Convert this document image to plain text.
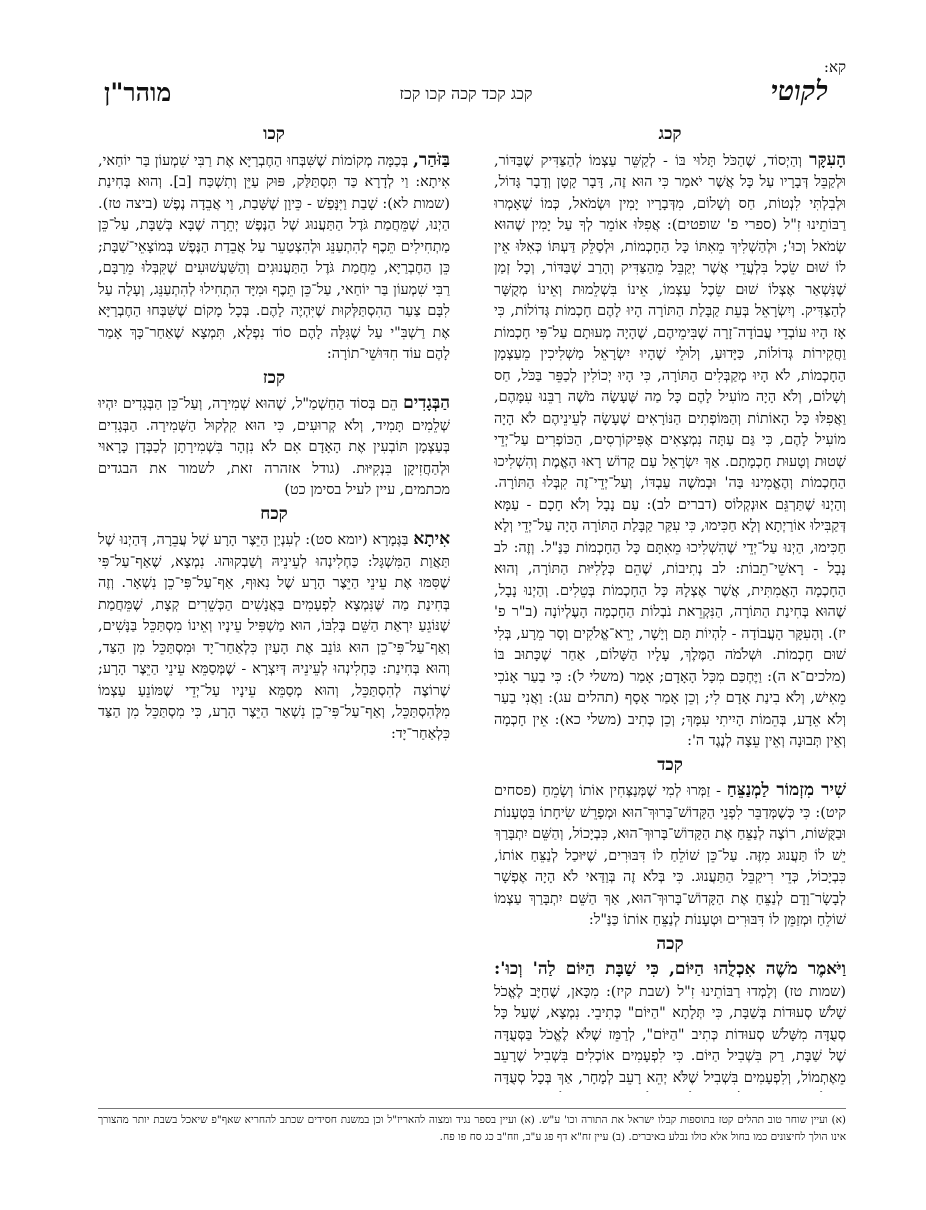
קא:
לקוטי
קכג קכד קכה קכו קכז
מוהר"ן
קכג

הָעִקָּר וְהַיְסוֹד, שֶׁהַכֹּל תָּלוּי בּוֹ - לְקַשֵּׁר עַצְמוֹ לְהַצַּדִּיק שֶׁבַּדּוֹר, וּלְקַבֵּל דְּבָרָיו עַל כָּל אֲשֶׁר יֹאמַר כִּי הוּא זֶה, דָּבָר קָטָן וְדָבָר גָּדוֹל, וּלְבִלְתִּי לִנְטוֹת, חַס וְשָׁלוֹם, מִדְּבָרָיו יָמִין וּשְׂמֹאל, כְּמוֹ שֶׁאָמְרוּ רַבּוֹתֵינוּ זִ"ל (ספרי פ' שופטים): אֲפִלּוּ אוֹמֵר לְךָ עַל יָמִין שֶׁהוּא שְׂמֹאל וְכוּ'; וּלְהַשְׁלִיךְ מֵאִתּוֹ כָּל הַחָכְמוֹת, וּלְסַלֵּק דַּעְתּוֹ כְּאִלּוּ אֵין לוֹ שׁוּם שֵׂכֶל בִּלְעֲדֵי אֲשֶׁר יְקַבֵּל מֵהַצַּדִּיק וְהָרַב שֶׁבַּדּוֹר, וְכָל זְמַן שֶׁנִּשְׁאַר אֶצְלוֹ שׁוּם שֵׂכֶל עַצְמוֹ, אֵינוֹ בִּשְׁלֵמוּת וְאֵינוֹ מְקֻשָּׁר לְהַצַּדִּיק. וְיִשְׂרָאֵל בְּעֵת קַבָּלַת הַתּוֹרָה הָיוּ לָהֶם חָכְמוֹת גְּדוֹלוֹת, כִּי אָז הָיוּ עוֹבְדֵי עֲבוֹדָה־זָרָה שֶׁבִּימֵיהֶם, שֶׁהָיָה מְעוּתָם עַל־פִּי חָכְמוֹת וַחֲקִירוֹת גְּדוֹלוֹת, כַּיָּדוּעַ, וְלוּלֵי שֶׁהָיוּ יִשְׂרָאֵל מַשְׁלִיכִין מֵעַצְמָן הַחָכְמוֹת, לֹא הָיוּ מְקַבְּלִים הַתּוֹרָה, כִּי הָיוּ יְכוֹלִין לְכַפֵּר בַּכֹּל, חַס וְשָׁלוֹם, וְלֹא הָיָה מוֹעִיל לָהֶם כָּל מַה שֶּׁעָשָׂה מֹשֶׁה רַבֵּנוּ עִמָּהֶם, וַאֲפִלּוּ כָּל הָאוֹתוֹת וְהַמּוֹפְתִים הַנּוֹרָאִים שֶׁעָשָׂה לְעֵינֵיהֶם לֹא הָיָה מוֹעִיל לָהֶם, כִּי גַּם עַתָּה נִמְצָאִים אֶפִּיקוֹרְסִים, הַכּוֹפְרִים עַל־יְדֵי שְׁטוּת וְטָעוּת חָכְמָתָם. אַךְ יִשְׂרָאֵל עַם קָדוֹשׁ רָאוּ הָאֱמֶת וְהִשְׁלִיכוּ הַחָכְמוֹת וְהֶאֱמִינוּ בַּה' וּבְמֹשֶׁה עַבְדּוֹ, וְעַל־יְדֵי־זֶה קִבְּלוּ הַתּוֹרָה. וְהַיְנוּ שֶׁתַּרְגֵּם אוּנְקְלוֹס (דברים לב): עַם נָבָל וְלֹא חָכָם - עַמָּא דְּקַבִּילוּ אוֹרַיְתָא וְלָא חַכִּימוּ, כִּי עִקַּר קַבָּלַת הַתּוֹרָה הָיָה עַל־יְדֵי וְלָא חַכִּימוּ, הַיְנוּ עַל־יְדֵי שֶׁהִשְׁלִיכוּ מֵאִתָּם כָּל הַחָכְמוֹת כַּנַּ"ל. וְזֶה: לב נָבָל - רָאשֵׁי־תֵבוֹת: לב נְתִיבוֹת, שֶׁהֵם כְּלָלִיּוּת הַתּוֹרָה, וְהוּא הַחָכְמָה הָאֲמִתִּית, אֲשֶׁר אֶצְלָהּ כָּל הַחָכְמוֹת בְּטֵלִים. וְהַיְנוּ נָבָל, שֶׁהוּא בְּחִינַת הַתּוֹרָה, הַנִּקְרֵאת נֹבְלוֹת הַחָכְמָה הָעֶלְיוֹנָה (ב"ר פ' יז). וְהָעִקָּר הָעֲבוֹדָה - לִהְיוֹת תָּם וְיָשָׁר, יְרֵא־אֱלֹקִים וְסָר מֵרָע, בְּלִי שׁוּם חָכְמוֹת. וּשְׁלֹמֹה הַמֶּלֶךְ, עָלָיו הַשָּׁלוֹם, אַחַר שֶׁכָּתוּב בּוֹ (מלכים־א ה): וַיֶּחְכַּם מִכָּל הָאָדָם; אָמַר (משלי ל): כִּי בַעַר אָנֹכִי מֵאִישׁ, וְלֹא בִינַת אָדָם לִי; וְכֵן אָמַר אָסָף (תהלים עג): וַאֲנִי בַעַר וְלֹא אֵדָע, בְּהֵמוֹת הָיִיתִי עִמָּךְ; וְכֵן כְּתִיב (משלי כא): אֵין חָכְמָה וְאֵין תְּבוּנָה וְאֵין עֵצָה לְנֶגֶד ה':

קכד

שִׁיר מִזְמוֹר לַמְנַצֵּחַ - זַמְּרוּ לְמִי שֶׁמְּנַצְּחִין אוֹתוֹ וְשָׂמֵחַ (פסחים קיט): כִּי כְּשֶׁמְּדַבֵּר לִפְנֵי הַקָּדוֹשׁ־בָּרוּךְ־הוּא וּמְפָרֵשׁ שִׂיחָתוֹ בִּטְעָנוֹת וּבַקֻּשּׁוֹת, רוֹצֶה לְנַצֵּחַ אֶת הַקָּדוֹשׁ־בָּרוּךְ־הוּא, כִּבְיָכוֹל, וְהַשֵּׁם יִתְבָּרַךְ יֵשׁ לוֹ תַּעֲנוּג מִזֶּה. עַל־כֵּן שׁוֹלֵחַ לוֹ דִּבּוּרִים, שֶׁיּוּכַל לְנַצֵּחַ אוֹתוֹ, כִּבְיָכוֹל, כְּדֵי רִיקַבֵּל הַתַּעֲנוּג. כִּי בְּלֹא זֶה בְּוַדַּאי לֹא הָיָה אֶפְשָׁר לְבָשָׂר־וָדָם לְנַצֵּחַ אֶת הַקָּדוֹשׁ־בָּרוּךְ־הוּא, אַךְ הַשֵּׁם יִתְבָּרַךְ עַצְמוֹ שׁוֹלֵחַ וּמְזַמֵּן לוֹ דִּבּוּרִים וּטְעָנוֹת לְנַצֵּחַ אוֹתוֹ כַּנַּ"ל:

קכה

וַיֹּאמֶר מֹשֶׁה אִכְלֻהוּ הַיּוֹם, כִּי שַׁבָּת הַיּוֹם לַה' וְכוּ': (שמות טז) וְלָמְדוּ רַבּוֹתֵינוּ זִ"ל (שבת קיז): מִכָּאן, שֶׁחַיָּב לֶאֱכֹל שָׁלֹשׁ סְעוּדוֹת בְּשַׁבָּת, כִּי תְּלָתָא "הַיּוֹם" כְּתִיבֵי. נִמְצָא, שֶׁעַל כָּל סְעֻדָּה מִשָּׁלֹשׁ סְעוּדוֹת כְּתִיב "הַיּוֹם", לְרַמֵּז שֶׁלֹּא לֶאֱכֹל בַּסְּעֻדָּה שֶׁל שַׁבָּת, רַק בִּשְׁבִיל הַיּוֹם. כִּי לִפְעָמִים אוֹכְלִים בִּשְׁבִיל שֶׁרָעֵב מֵאֶתְמוֹל, וְלִפְעָמִים בִּשְׁבִיל שֶׁלֹּא יְהֵא רָעֵב לְמָחָר, אַךְ בְּכָל סְעֻדָּה

קכו

בַּזֹּהַר, בְּכַמָּה מְקוֹמוֹת שֶׁשִּׁבְּחוּ הַחֶבְרַיָּא אֶת רַבִּי שִׁמְעוֹן בַּר יוֹחַאי, אִיתָא: וַי לְדָרָא כַּד תִּסְתַּלַּק, פּוּק עַיֵּן וְתִשְׁכַּח [ב]. וְהוּא בְּחִינַת (שמות לא): שָׁבַת וַיִּנָּפַשׁ - כֵּיוָן שֶׁשָּׁבַת, וַי אֲבֵדָה נֶפֶשׁ (ביצה טז). הַיְנוּ, שֶׁמֵּחֲמַת גֹּדֶל הַתַּעֲנוּג שֶׁל הַנֶּפֶשׁ יְתֵרָה שֶׁבָּא בְּשַׁבָּת, עַל־כֵּן מַתְחִילִים תֵּכֶף לְהִתְעַנֵּג וּלְהִצְטַעֵר עַל אֲבֵדַת הַנֶּפֶשׁ בְּמוֹצָאֵי־שַׁבָּת; כֵּן הַחֶבְרַיָּא, מֵחֲמַת גֹּדֶל הַתַּעֲנוּגִים וְהַשַּׁעֲשׁוּעִים שֶׁקִּבְּלוּ מֵרַבָּם, רַבִּי שִׁמְעוֹן בַּר יוֹחַאי, עַל־כֵּן תֵּכֶף וּמִיָּד הִתְחִילוּ לְהִתְעַנֵּג, וְעָלָה עַל לִבָּם צַעַר הַהִסְתַּלְּקוּת שֶׁיִּהְיֶה לָהֶם. בְּכָל מָקוֹם שֶׁשִּׁבְּחוּ הַחֶבְרַיָּא אֶת רַשְׁבִּ"י עַל שֶׁגִּלָּה לָהֶם סוֹד נִפְלָא, תִּמְצָא שֶׁאַחַר־כָּךְ אָמַר לָהֶם עוֹד חִדּוּשֵׁי־תוֹרָה:

קכז

הַבְּגָדִים הֵם בְּסוֹד הַחַשְׁמַ"ל, שֶׁהוּא שְׁמִירָה, וְעַל־כֵּן הַבְּגָדִים יִהְיוּ שְׁלֵמִים תָּמִיד, וְלֹא קְרוּעִים, כִּי הוּא קִלְקוּל הַשְּׁמִירָה. הַבְּגָדִים בְּעַצְמָן תּוֹבְעִין אֶת הָאָדָם אִם לֹא נִזְהָר בִּשְׁמִירָתָן לְכַבְּדָן כָּרָאוּי וּלְהַחֲזִיקָן בִּנְקִיּוּת. (גודל אזהרה זאת, לשמור את הבגדים מכתמים, עיין לעיל בסימן כט)

קכח

אִיתָא בַּגְּמָרָא (יומא סט): לְעִנְיַן הַיֵּצֶר הָרָע שֶׁל עֲבֵרָה, דְּהַיְנוּ שֶׁל תַּאֲוַת הַמִּשְׁגָּל: כַּחְלִינְהוּ לְעֵינֵיהּ וְשַׁבְקוּהוּ. נִמְצָא, שֶׁאַף־עַל־פִּי שֶׁסִּמּוּ אֶת עֵינֵי הַיֵּצֶר הָרָע שֶׁל נִאוּף, אַף־עַל־פִּי־כֵן נִשְׁאָר. וְזֶה בְּחִינַת מַה שֶּׁנִּמְצָא לִפְעָמִים בַּאֲנָשִׁים הַכְּשֵׁרִים קְצָת, שֶׁמֵּחֲמַת שֶׁנּוֹגֵעַ יִרְאַת הַשֵּׁם בְּלִבּוֹ, הוּא מַשְׁפִּיל עֵינָיו וְאֵינוֹ מִסְתַּכֵּל בַּנָּשִׁים, וְאַף־עַל־פִּי־כֵן הוּא גּוֹנֵב אֶת הָעַיִן כִּלְאַחַר־יָד וּמִסְתַּכֵּל מִן הַצַּד, וְהוּא בְּחִינַת: כַּחְלִינְהוּ לְעֵינֵיהּ דְּיִצְרָא - שֶׁמְּסַמֵּא עֵינֵי הַיֵּצֶר הָרָע; שֶׁרוֹצֶה לְהִסְתַּכֵּל, וְהוּא מְסַמֵּא עֵינָיו עַל־יְדֵי שֶׁמּוֹנֵעַ עַצְמוֹ מִלְּהִסְתַּכֵּל, וְאַף־עַל־פִּי־כֵן נִשְׁאַר הַיֵּצֶר הָרָע, כִּי מִסְתַּכֵּל מִן הַצַּד כִּלְאַחַר־יָד:

(א) ועיין שוחר טוב תהלים קטז בתוספות קבלו ישראל את התורה וכו' ע"ש. (א) ועיין בספר נגיד ומצוה להאריז"ל וכן במשנת חסידים שכתב להחריא שאף"פ שיאכל בשבת יותר מהצורך אינו הולך לחיצונים כמו בחול אלא כולו נבלע באיברים. (ב) עיין זח"א דף פג ע"ב, וזח"ב כג סח פו פח.
